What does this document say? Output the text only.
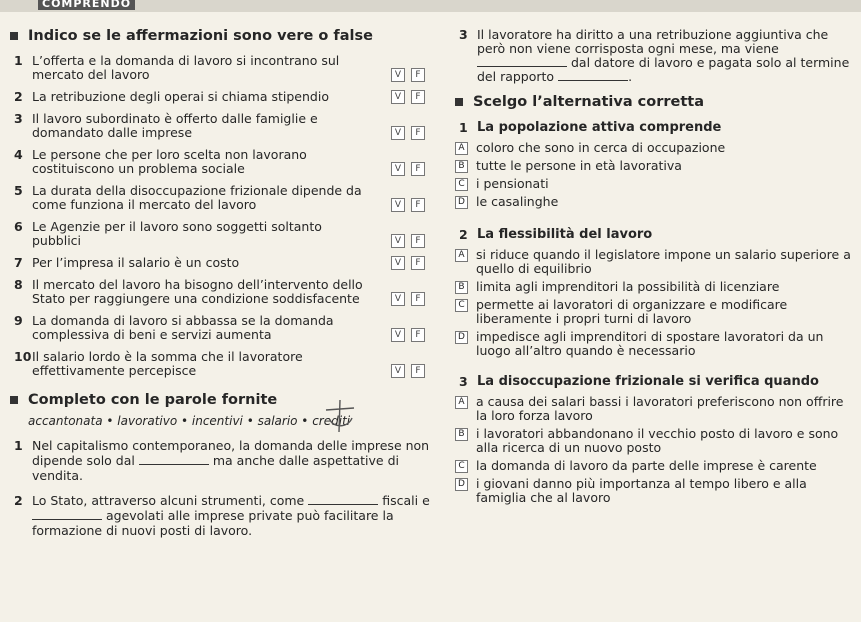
COMPRENDO
Indico se le affermazioni sono vere o false
1 L’offerta e la domanda di lavoro si incontrano sul mercato del lavoro	V	F
2 La retribuzione degli operai si chiama stipendio	V	F
3 Il lavoro subordinato è offerto dalle famiglie e domandato dalle imprese	V	F
4 Le persone che per loro scelta non lavorano costituiscono un problema sociale	V	F
5 La durata della disoccupazione frizionale dipende da come funziona il mercato del lavoro	V	F
6 Le Agenzie per il lavoro sono soggetti soltanto pubblici	V	F
7 Per l’impresa il salario è un costo	V	F
8 Il mercato del lavoro ha bisogno dell’intervento dello Stato per raggiungere una condizione soddisfacente	V	F
9 La domanda di lavoro si abbassa se la domanda complessiva di beni e servizi aumenta	V	F
10 Il salario lordo è la somma che il lavoratore effettivamente percepisce	V	F
Completo con le parole fornite
accantonata • lavorativo • incentivi • salario • crediti
1 Nel capitalismo contemporaneo, la domanda delle imprese non dipende solo dal	ma anche dalle aspettative di vendita.
2 Lo Stato, attraverso alcuni strumenti, come	fiscali e  agevolati alle imprese private può facilitare la formazione di nuovi posti di lavoro.
3 Il lavoratore ha diritto a una retribuzione aggiuntiva che però non viene corrisposta ogni mese, ma viene  dal datore di lavoro e pagata solo al termine del rapporto	.
Scelgo l’alternativa corretta
1 La popolazione attiva comprende
A coloro che sono in cerca di occupazione
B tutte le persone in età lavorativa
C i pensionati
D le casalinghe
2 La flessibilità del lavoro
A si riduce quando il legislatore impone un salario superiore a quello di equilibrio
B limita agli imprenditori la possibilità di licenziare
C permette ai lavoratori di organizzare e modificare liberamente i propri turni di lavoro
D impedisce agli imprenditori di spostare lavoratori da un luogo all’altro quando è necessario
3 La disoccupazione frizionale si verifica quando
A a causa dei salari bassi i lavoratori preferiscono non offrire la loro forza lavoro
B i lavoratori abbandonano il vecchio posto di lavoro e sono alla ricerca di un nuovo posto
C la domanda di lavoro da parte delle imprese è carente
D i giovani danno più importanza al tempo libero e alla famiglia che al lavoro
